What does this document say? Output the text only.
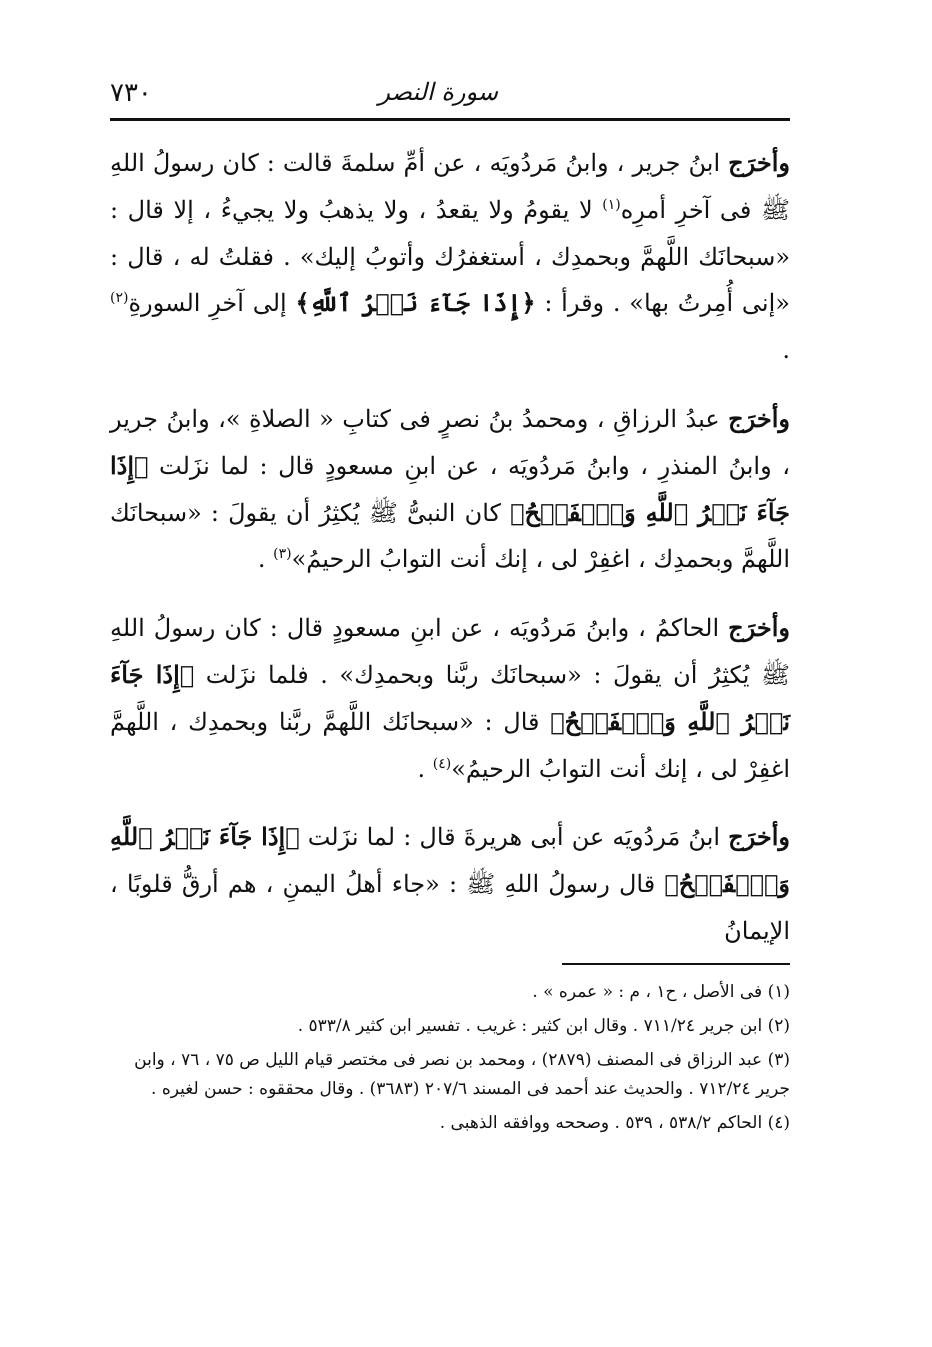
٧٣٠	سورة النصر

وأخرَج ابنُ جرير ، وابنُ مَردُويَه ، عن أمِّ سلمةَ قالت : كان رسولُ اللهِ ﷺ فى آخرِ أمرِه$^{(١)}$ لا يقومُ ولا يقعدُ ، ولا يذهبُ ولا يجيءُ ، إلا قال : «سبحانَك اللَّهمَّ وبحمدِك ، أستغفرُك وأتوبُ إليك» . فقلتُ له ، قال : «إنى أُمِرتُ بها» . وقرأ : ﴿إِذَا جَآءَ نَصۡرُ ٱللَّهِ﴾ إلى آخرِ السورةِ$^{(٢)}$ .

وأخرَج عبدُ الرزاقِ ، ومحمدُ بنُ نصرٍ فى كتابِ « الصلاةِ »، وابنُ جرير ، وابنُ المنذرِ ، وابنُ مَردُويَه ، عن ابنِ مسعودٍ قال : لما نزَلت ﴿إِذَا جَآءَ نَصۡرُ ٱللَّهِ وَٱلۡفَتۡحُ﴾ كان النبىُّ ﷺ يُكثِرُ أن يقولَ : «سبحانَك اللَّهمَّ وبحمدِك ، اغفِرْ لى ، إنك أنت التوابُ الرحيمُ»$^{(٣)}$ .

وأخرَج الحاكمُ ، وابنُ مَردُويَه ، عن ابنِ مسعودٍ قال : كان رسولُ اللهِ ﷺ يُكثِرُ أن يقولَ : «سبحانَك ربَّنا وبحمدِك» . فلما نزَلت ﴿إِذَا جَآءَ نَصۡرُ ٱللَّهِ وَٱلۡفَتۡحُ﴾ قال : «سبحانَك اللَّهمَّ ربَّنا وبحمدِك ، اللَّهمَّ اغفِرْ لى ، إنك أنت التوابُ الرحيمُ»$^{(٤)}$ .

وأخرَج ابنُ مَردُويَه عن أبى هريرةَ قال : لما نزَلت ﴿إِذَا جَآءَ نَصۡرُ ٱللَّهِ وَٱلۡفَتۡحُ﴾ قال رسولُ اللهِ ﷺ : «جاء أهلُ اليمنِ ، هم أرقُّ قلوبًا ، الإيمانُ

(١) فى الأصل ، ح١ ، م : « عمره » .

(٢) ابن جرير ٧١١/٢٤ . وقال ابن كثير : غريب . تفسير ابن كثير ٥٣٣/٨ .

(٣) عبد الرزاق فى المصنف (٢٨٧٩) ، ومحمد بن نصر فى مختصر قيام الليل ص ٧٥ ، ٧٦ ، وابن جرير ٧١٢/٢٤ . والحديث عند أحمد فى المسند ٢٠٧/٦ (٣٦٨٣) . وقال محققوه : حسن لغيره .

(٤) الحاكم ٥٣٨/٢ ، ٥٣٩ . وصححه ووافقه الذهبى .
